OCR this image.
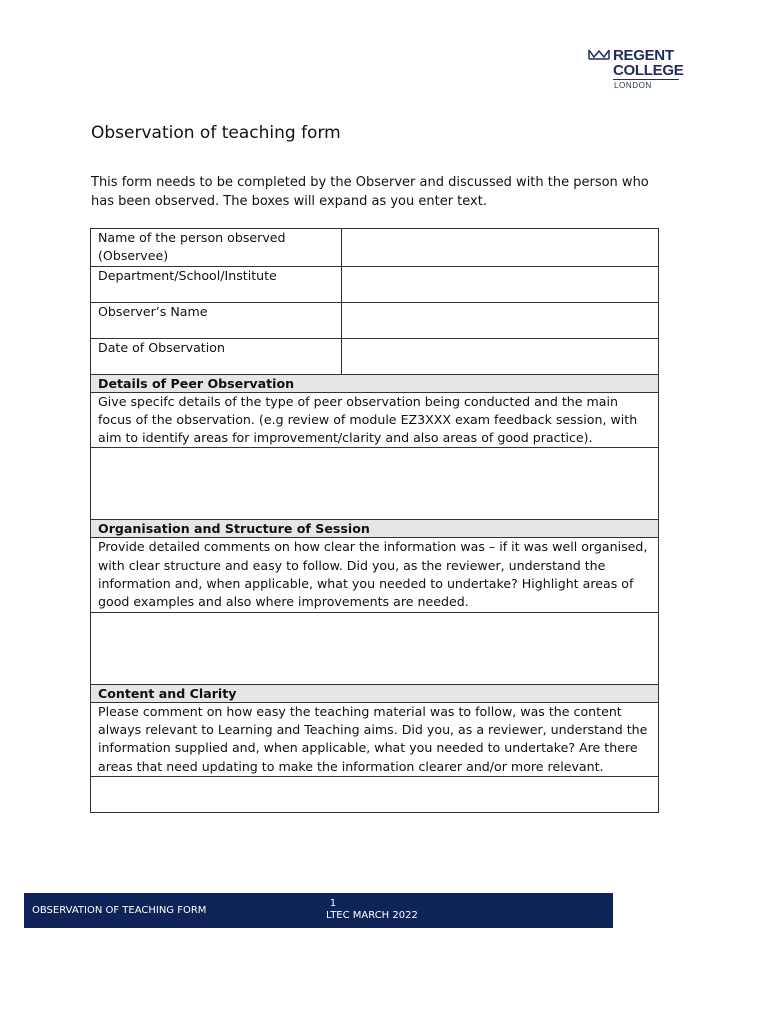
REGENT
COLLEGE
LONDON
Observation of teaching form

This form needs to be completed by the Observer and discussed with the person who has been observed. The boxes will expand as you enter text.

Name of the person observed (Observee)	
Department/School/Institute	
Observer’s Name	
Date of Observation	
Details of Peer Observation	
Give specifc details of the type of peer observation being conducted and the main focus of the observation. (e.g review of module EZ3XXX exam feedback session, with aim to identify areas for improvement/clarity and also areas of good practice).	

Organisation and Structure of Session	
Provide detailed comments on how clear the information was – if it was well organised, with clear structure and easy to follow. Did you, as the reviewer, understand the information and, when applicable, what you needed to undertake? Highlight areas of good examples and also where improvements are needed.	

Content and Clarity	
Please comment on how easy the teaching material was to follow, was the content always relevant to Learning and Teaching aims. Did you, as a reviewer, understand the information supplied and, when applicable, what you needed to undertake? Are there areas that need updating to make the information clearer and/or more relevant.	

OBSERVATION OF TEACHING FORM
1
LTEC MARCH 2022
